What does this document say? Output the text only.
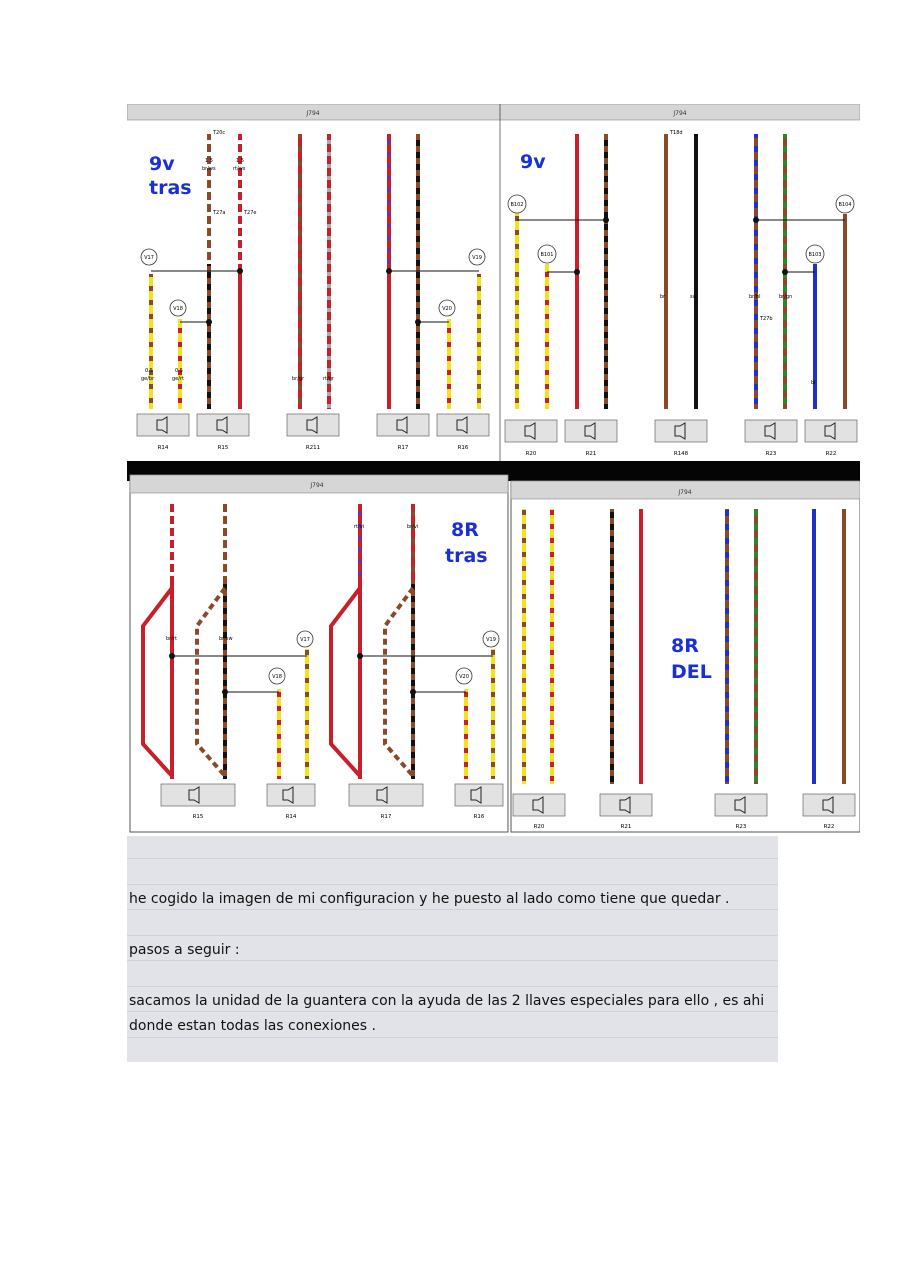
J794	J794
J794
J794
V17
V18
V19
V20
1.5	1.5
0.5	0.5
br/ws	rt/ws
br/gr	rt/gr
ge/br	ge/rt
T20c
T27a	T27e
R14	R15	R211	R17	R16
9v
tras
B102
B101	B103
B104
br	sw	br/bl	br/gn
bl
T18d
T27b
9v
R20	R21	R148	R23	R22
V17
V18
V19
V20
rt/vi	br/vi
br/rt	br/sw
8R
tras
R15	R14	R17	R16
8R
DEL
R20	R21	R23	R22
he cogido la imagen de mi configuracion y he puesto al lado como tiene que quedar .
pasos a seguir :
sacamos la unidad de la guantera con la ayuda de las 2 llaves especiales para ello , es ahi
donde estan todas las conexiones .
